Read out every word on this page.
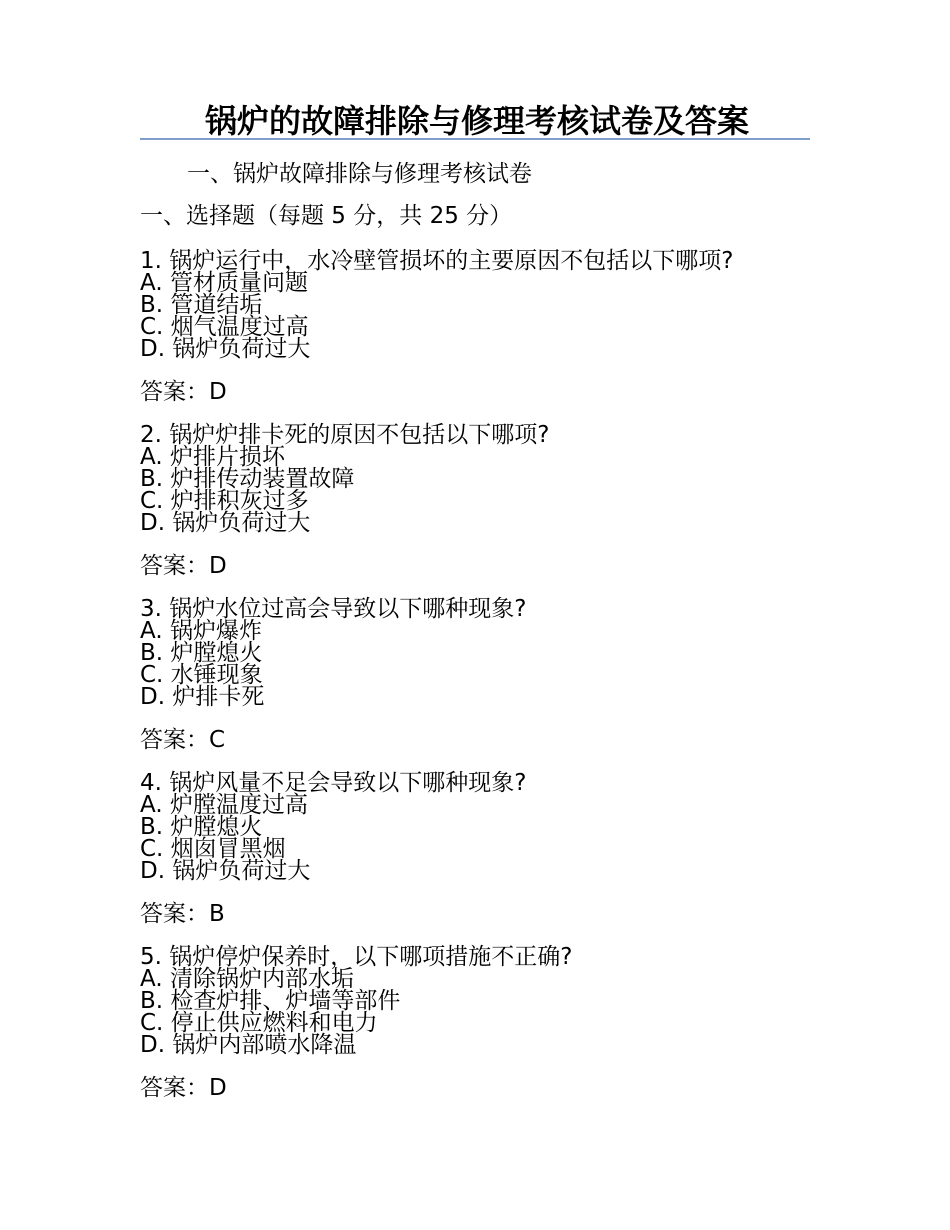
锅炉的故障排除与修理考核试卷及答案
一、锅炉故障排除与修理考核试卷
一、选择题（每题 5 分，共 25 分）
1. 锅炉运行中，水冷壁管损坏的主要原因不包括以下哪项?
A. 管材质量问题
B. 管道结垢
C. 烟气温度过高
D. 锅炉负荷过大
答案：D
2. 锅炉炉排卡死的原因不包括以下哪项?
A. 炉排片损坏
B. 炉排传动装置故障
C. 炉排积灰过多
D. 锅炉负荷过大
答案：D
3. 锅炉水位过高会导致以下哪种现象?
A. 锅炉爆炸
B. 炉膛熄火
C. 水锤现象
D. 炉排卡死
答案：C
4. 锅炉风量不足会导致以下哪种现象?
A. 炉膛温度过高
B. 炉膛熄火
C. 烟囱冒黑烟
D. 锅炉负荷过大
答案：B
5. 锅炉停炉保养时，以下哪项措施不正确?
A. 清除锅炉内部水垢
B. 检查炉排、炉墙等部件
C. 停止供应燃料和电力
D. 锅炉内部喷水降温
答案：D
